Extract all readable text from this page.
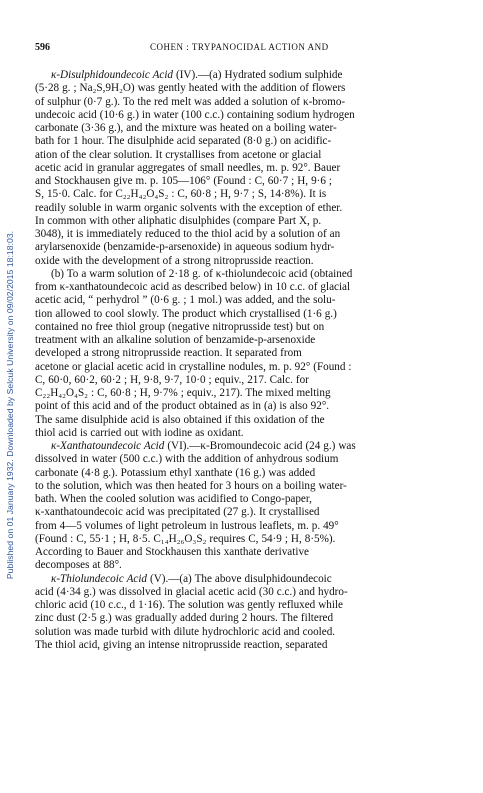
Published on 01 January 1932. Downloaded by Selcuk University on 09/02/2015 18:18:03.
596	COHEN : TRYPANOCIDAL ACTION AND
κ-Disulphidoundecoic Acid (IV).—(a) Hydrated sodium sulphide
(5·28 g. ; Na₂S,9H₂O) was gently heated with the addition of flowers
of sulphur (0·7 g.). To the red melt was added a solution of κ-bromo-
undecoic acid (10·6 g.) in water (100 c.c.) containing sodium hydrogen
carbonate (3·36 g.), and the mixture was heated on a boiling water-
bath for 1 hour. The disulphide acid separated (8·0 g.) on acidific-
ation of the clear solution. It crystallises from acetone or glacial
acetic acid in granular aggregates of small needles, m. p. 92°. Bauer
and Stockhausen give m. p. 105—106° (Found : C, 60·7 ; H, 9·6 ;
S, 15·0. Calc. for C₂₂H₄₂O₄S₂ : C, 60·8 ; H, 9·7 ; S, 14·8%). It is
readily soluble in warm organic solvents with the exception of ether.
In common with other aliphatic disulphides (compare Part X, p.
3048), it is immediately reduced to the thiol acid by a solution of an
arylarsenoxide (benzamide-p-arsenoxide) in aqueous sodium hydr-
oxide with the development of a strong nitroprusside reaction.
(b) To a warm solution of 2·18 g. of κ-thiolundecoic acid (obtained
from κ-xanthatoundecoic acid as described below) in 10 c.c. of glacial
acetic acid, “ perhydrol ” (0·6 g. ; 1 mol.) was added, and the solu-
tion allowed to cool slowly. The product which crystallised (1·6 g.)
contained no free thiol group (negative nitroprusside test) but on
treatment with an alkaline solution of benzamide-p-arsenoxide
developed a strong nitroprusside reaction. It separated from
acetone or glacial acetic acid in crystalline nodules, m. p. 92° (Found :
C, 60·0, 60·2, 60·2 ; H, 9·8, 9·7, 10·0 ; equiv., 217. Calc. for
C₂₂H₄₂O₄S₂ : C, 60·8 ; H, 9·7% ; equiv., 217). The mixed melting
point of this acid and of the product obtained as in (a) is also 92°.
The same disulphide acid is also obtained if this oxidation of the
thiol acid is carried out with iodine as oxidant.
κ-Xanthatoundecoic Acid (VI).—κ-Bromoundecoic acid (24 g.) was
dissolved in water (500 c.c.) with the addition of anhydrous sodium
carbonate (4·8 g.). Potassium ethyl xanthate (16 g.) was added
to the solution, which was then heated for 3 hours on a boiling water-
bath. When the cooled solution was acidified to Congo-paper,
κ-xanthatoundecoic acid was precipitated (27 g.). It crystallised
from 4—5 volumes of light petroleum in lustrous leaflets, m. p. 49°
(Found : C, 55·1 ; H, 8·5. C₁₄H₂₆O₃S₂ requires C, 54·9 ; H, 8·5%).
According to Bauer and Stockhausen this xanthate derivative
decomposes at 88°.
κ-Thiolundecoic Acid (V).—(a) The above disulphidoundecoic
acid (4·34 g.) was dissolved in glacial acetic acid (30 c.c.) and hydro-
chloric acid (10 c.c., d 1·16). The solution was gently refluxed while
zinc dust (2·5 g.) was gradually added during 2 hours. The filtered
solution was made turbid with dilute hydrochloric acid and cooled.
The thiol acid, giving an intense nitroprusside reaction, separated
